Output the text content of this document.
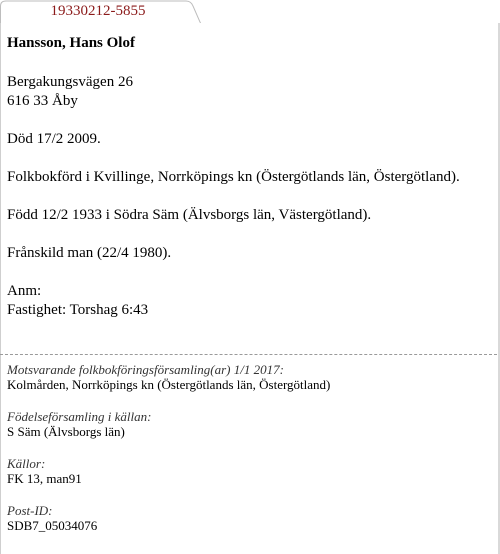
19330212-5855
Hansson, Hans Olof
Bergakungsvägen 26
616 33 Åby
Död 17/2 2009.
Folkbokförd i Kvillinge, Norrköpings kn (Östergötlands län, Östergötland).
Född 12/2 1933 i Södra Säm (Älvsborgs län, Västergötland).
Frånskild man (22/4 1980).
Anm:
Fastighet: Torshag 6:43
Motsvarande folkbokföringsförsamling(ar) 1/1 2017:
Kolmården, Norrköpings kn (Östergötlands län, Östergötland)
Födelseförsamling i källan:
S Säm (Älvsborgs län)
Källor:
FK 13, man91
Post-ID:
SDB7_05034076
